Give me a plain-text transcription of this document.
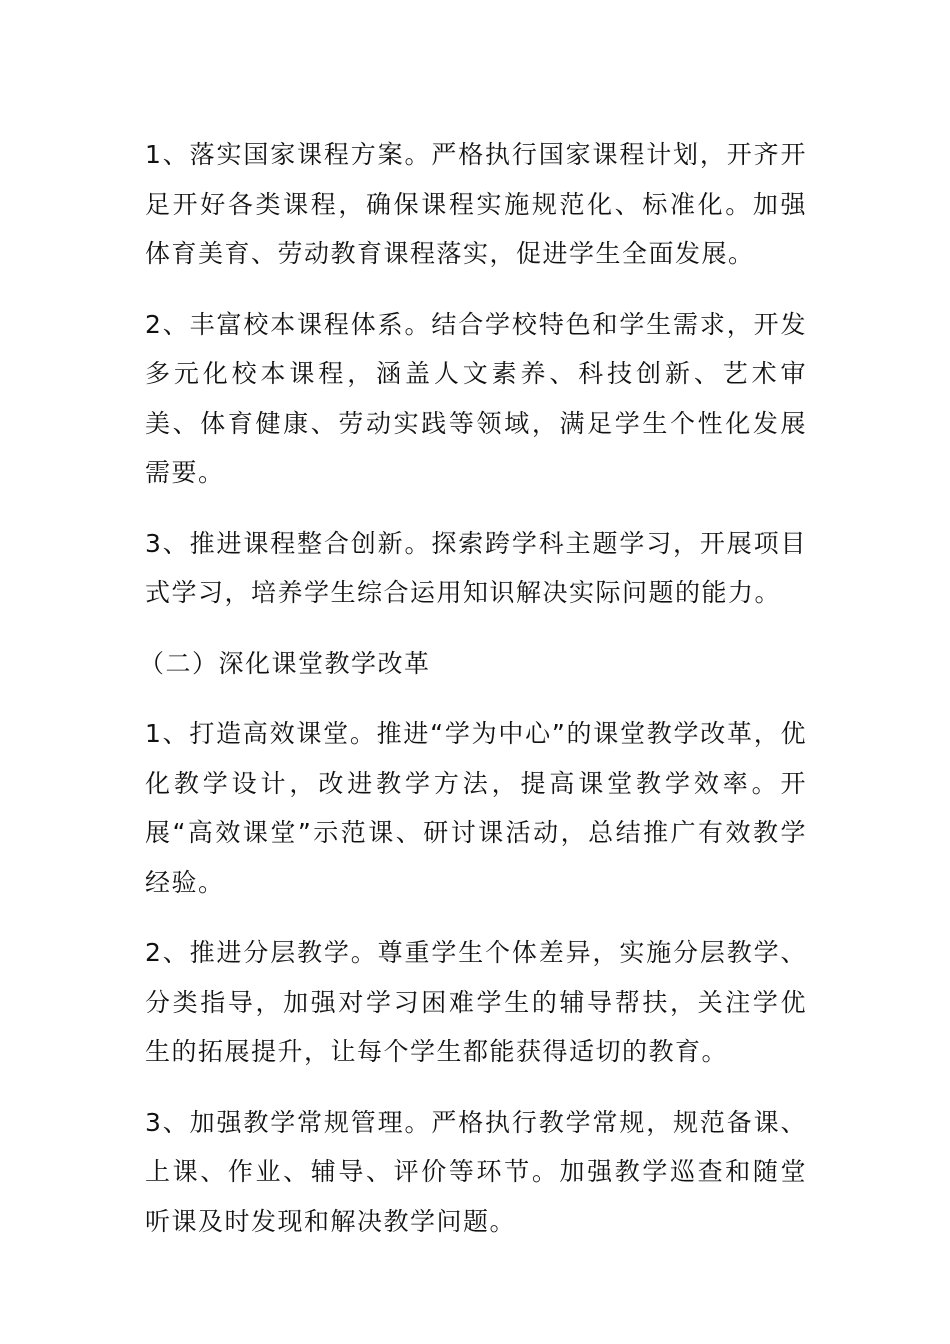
1、落实国家课程方案。严格执行国家课程计划，开齐开足开好各类课程，确保课程实施规范化、标准化。加强体育美育、劳动教育课程落实，促进学生全面发展。

2、丰富校本课程体系。结合学校特色和学生需求，开发多元化校本课程，涵盖人文素养、科技创新、艺术审美、体育健康、劳动实践等领域，满足学生个性化发展需要。

3、推进课程整合创新。探索跨学科主题学习，开展项目式学习，培养学生综合运用知识解决实际问题的能力。

（二）深化课堂教学改革

1、打造高效课堂。推进“学为中心”的课堂教学改革，优化教学设计，改进教学方法，提高课堂教学效率。开展“高效课堂”示范课、研讨课活动，总结推广有效教学经验。

2、推进分层教学。尊重学生个体差异，实施分层教学、分类指导，加强对学习困难学生的辅导帮扶，关注学优生的拓展提升，让每个学生都能获得适切的教育。

3、加强教学常规管理。严格执行教学常规，规范备课、上课、作业、辅导、评价等环节。加强教学巡查和随堂听课及时发现和解决教学问题。
